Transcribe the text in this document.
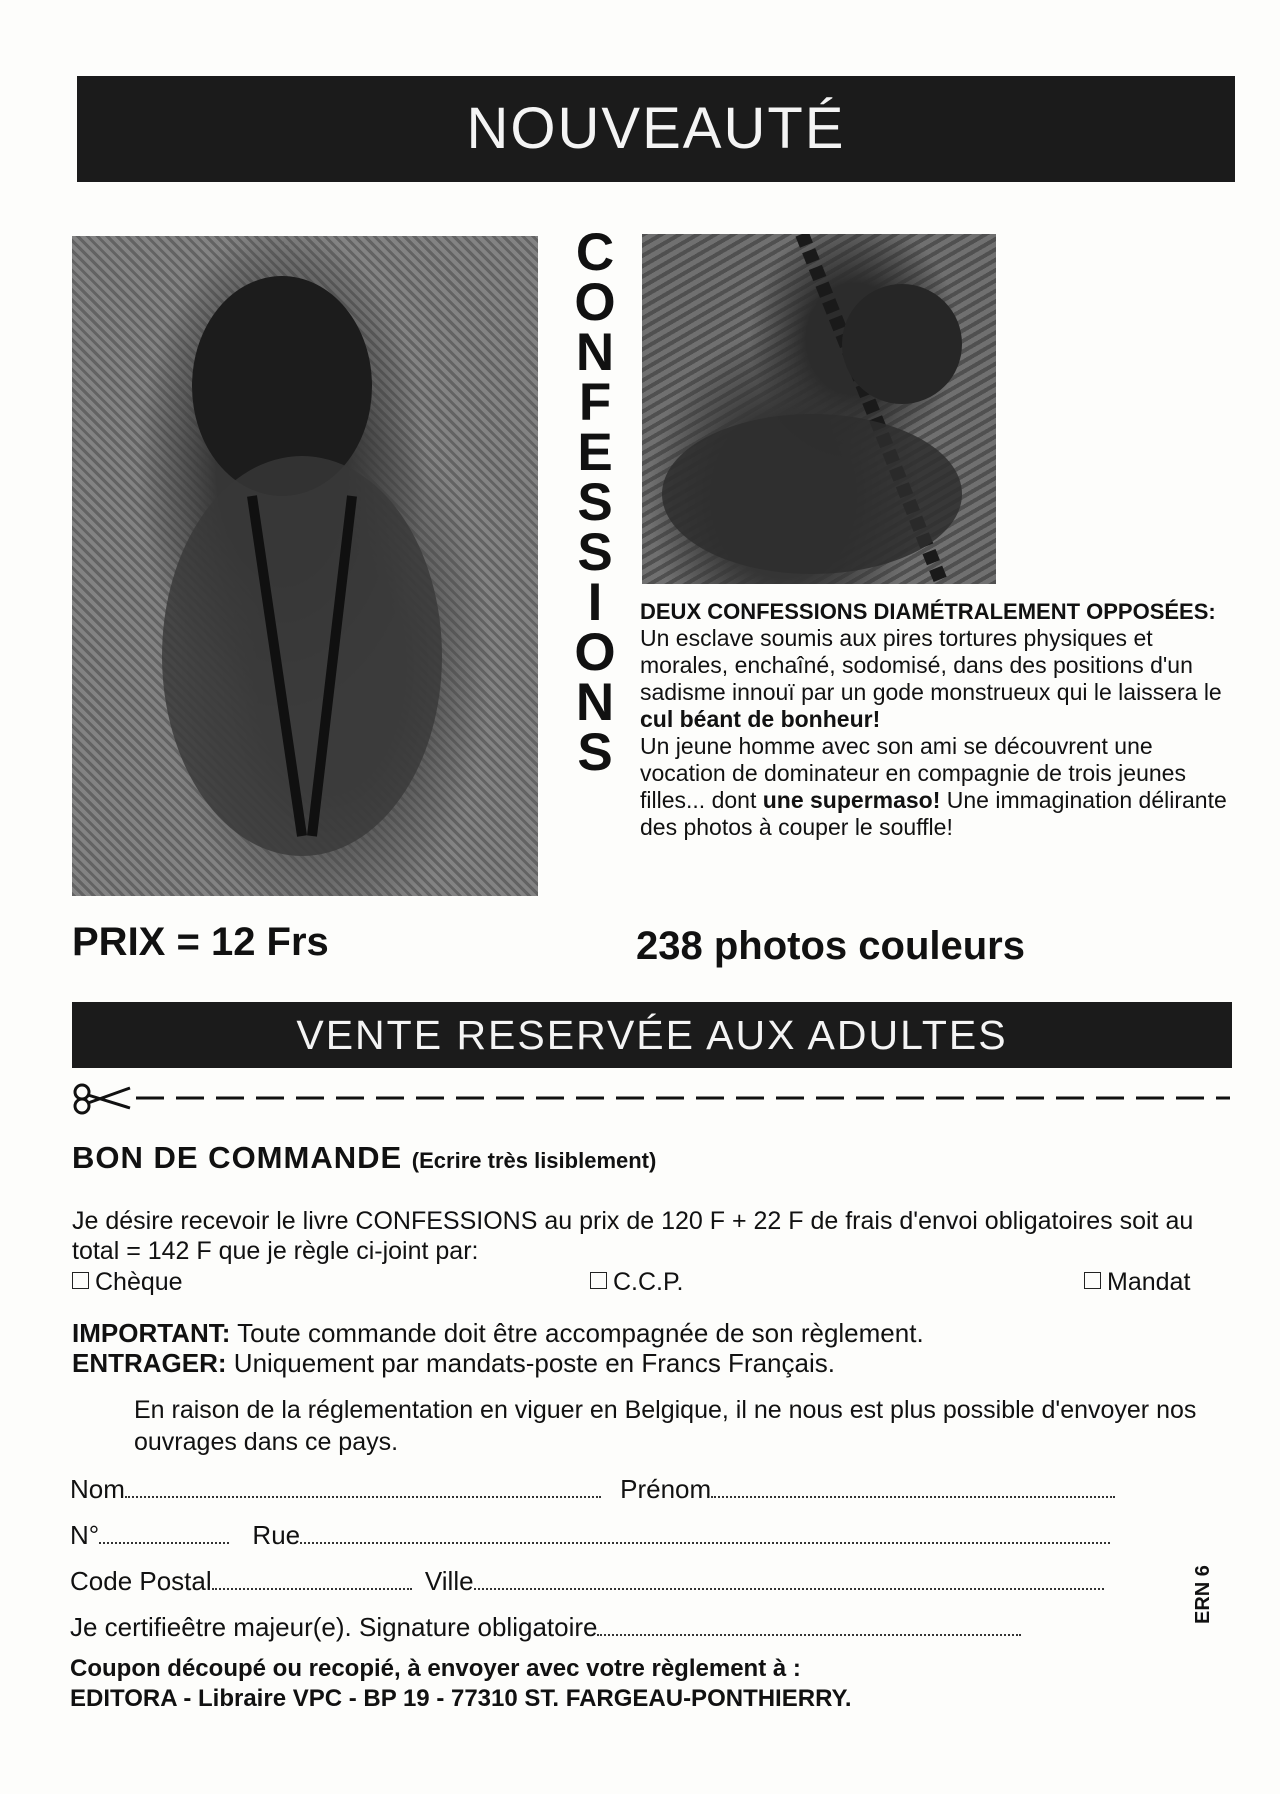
NOUVEAUTÉ
C
O
N
F
E
S
S
I
O
N
S
DEUX CONFESSIONS DIAMÉTRALEMENT OPPOSÉES:
Un esclave soumis aux pires tortures physiques et morales, enchaîné, sodomisé, dans des positions d'un sadisme innouï par un gode monstrueux qui le laissera le cul béant de bonheur!
Un jeune homme avec son ami se découvrent une vocation de dominateur en compagnie de trois jeunes filles... dont une supermaso! Une immagination délirante des photos à couper le souffle!
PRIX = 12 Frs	238 photos couleurs
VENTE RESERVÉE AUX ADULTES
BON DE COMMANDE (Ecrire très lisiblement)
Je désire recevoir le livre CONFESSIONS au prix de 120 F + 22 F de frais d'envoi obligatoires soit au total = 142 F que je règle ci-joint par:
Chèque	C.C.P.	Mandat
IMPORTANT: Toute commande doit être accompagnée de son règlement.
ENTRAGER: Uniquement par mandats-poste en Francs Français.
En raison de la réglementation en viguer en Belgique, il ne nous est plus possible d'envoyer nos ouvrages dans ce pays.
Nom	Prénom
N°	Rue
Code Postal	Ville
Je certifieêtre majeur(e). Signature obligatoire
ERN 6
Coupon découpé ou recopié, à envoyer avec votre règlement à :
EDITORA - Libraire VPC - BP 19 - 77310 ST. FARGEAU-PONTHIERRY.
